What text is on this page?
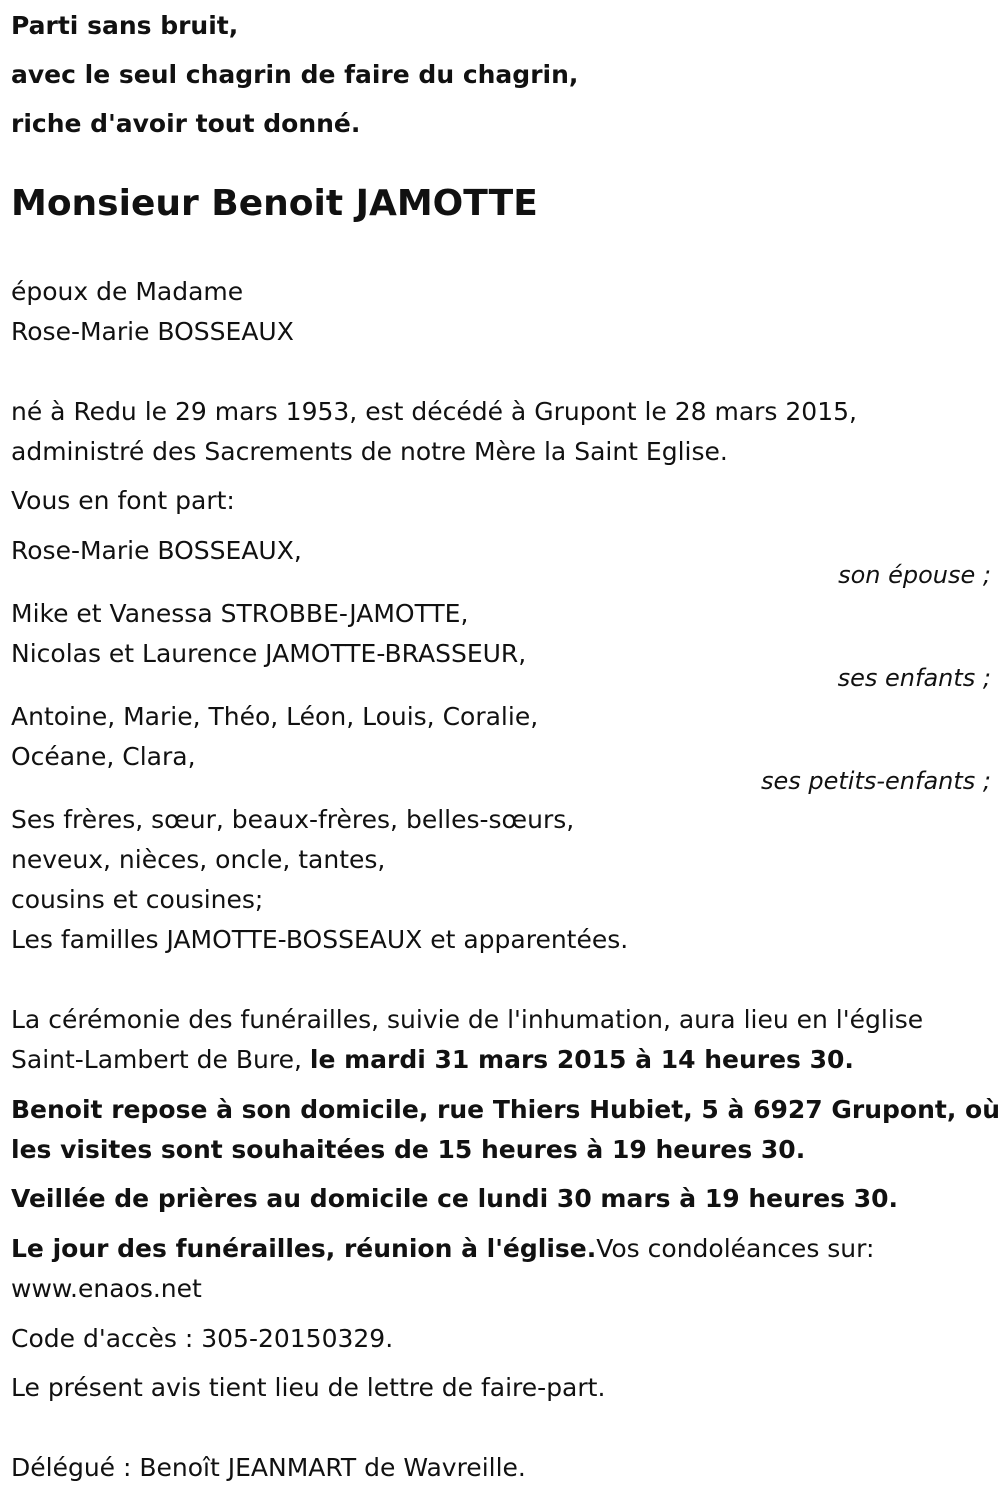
Parti sans bruit,
avec le seul chagrin de faire du chagrin,
riche d'avoir tout donné.
Monsieur Benoit JAMOTTE
époux de Madame
Rose-Marie BOSSEAUX
né à Redu le 29 mars 1953, est décédé à Grupont le 28 mars 2015,
administré des Sacrements de notre Mère la Saint Eglise.
Vous en font part:
Rose-Marie BOSSEAUX,
son épouse ;
Mike et Vanessa STROBBE-JAMOTTE,
Nicolas et Laurence JAMOTTE-BRASSEUR,
ses enfants ;
Antoine, Marie, Théo, Léon, Louis, Coralie,
Océane, Clara,
ses petits-enfants ;
Ses frères, sœur, beaux-frères, belles-sœurs,
neveux, nièces, oncle, tantes,
cousins et cousines;
Les familles JAMOTTE-BOSSEAUX et apparentées.
La cérémonie des funérailles, suivie de l'inhumation, aura lieu en l'église
Saint-Lambert de Bure, le mardi 31 mars 2015 à 14 heures 30.
Benoit repose à son domicile, rue Thiers Hubiet, 5 à 6927 Grupont, où
les visites sont souhaitées de 15 heures à 19 heures 30.
Veillée de prières au domicile ce lundi 30 mars à 19 heures 30.
Le jour des funérailles, réunion à l'église.Vos condoléances sur:
www.enaos.net
Code d'accès : 305-20150329.
Le présent avis tient lieu de lettre de faire-part.
Délégué : Benoît JEANMART de Wavreille.
